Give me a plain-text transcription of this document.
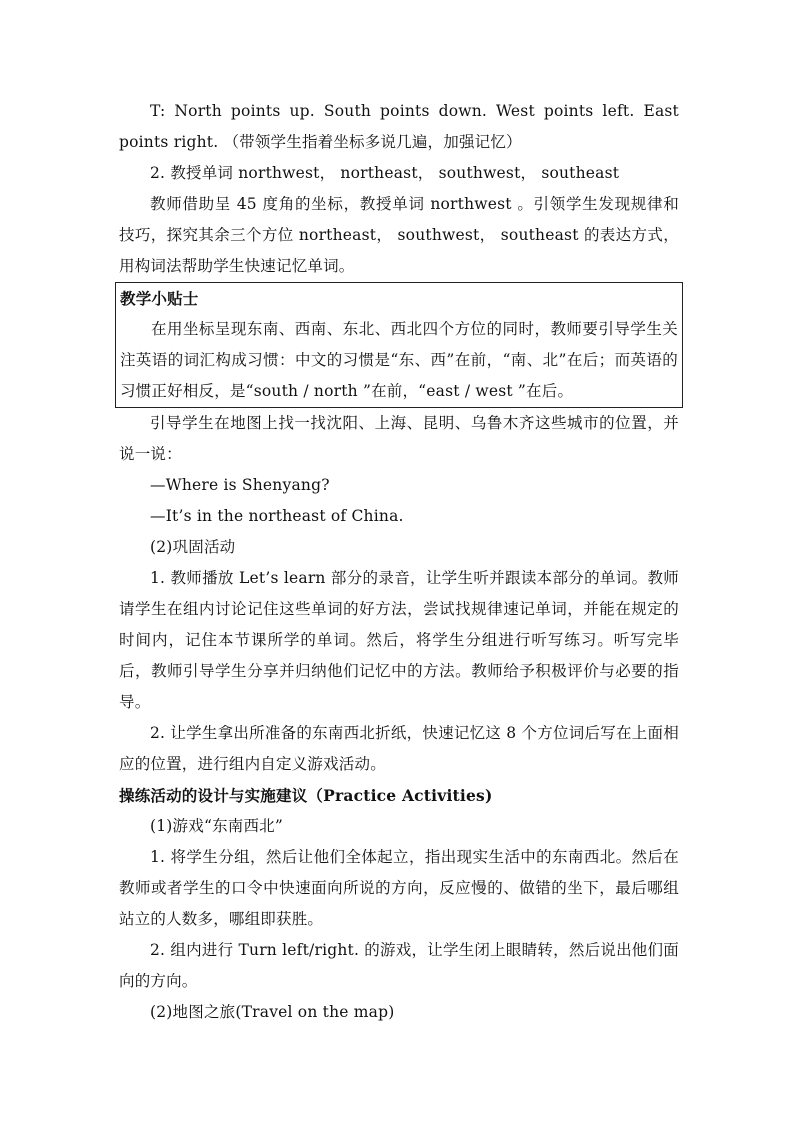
T: North points up. South points down. West points left. East points right. （带领学生指着坐标多说几遍，加强记忆）

2. 教授单词 northwest， northeast， southwest， southeast

教师借助呈 45 度角的坐标，教授单词 northwest 。引领学生发现规律和技巧，探究其余三个方位 northeast， southwest， southeast 的表达方式，用构词法帮助学生快速记忆单词。

教学小贴士

在用坐标呈现东南、西南、东北、西北四个方位的同时，教师要引导学生关注英语的词汇构成习惯：中文的习惯是“东、西”在前，“南、北”在后；而英语的习惯正好相反，是“south / north ”在前，“east / west ”在后。

引导学生在地图上找一找沈阳、上海、昆明、乌鲁木齐这些城市的位置，并说一说：

—Where is Shenyang?

—It’s in the northeast of China.

(2)巩固活动

1. 教师播放 Let’s learn 部分的录音，让学生听并跟读本部分的单词。教师请学生在组内讨论记住这些单词的好方法，尝试找规律速记单词，并能在规定的时间内，记住本节课所学的单词。然后，将学生分组进行听写练习。听写完毕后，教师引导学生分享并归纳他们记忆中的方法。教师给予积极评价与必要的指导。

2. 让学生拿出所准备的东南西北折纸，快速记忆这 8 个方位词后写在上面相应的位置，进行组内自定义游戏活动。

操练活动的设计与实施建议（Practice Activities)

(1)游戏“东南西北”

1. 将学生分组，然后让他们全体起立，指出现实生活中的东南西北。然后在教师或者学生的口令中快速面向所说的方向，反应慢的、做错的坐下，最后哪组站立的人数多，哪组即获胜。

2. 组内进行 Turn left/right. 的游戏，让学生闭上眼睛转，然后说出他们面向的方向。

(2)地图之旅(Travel on the map)
